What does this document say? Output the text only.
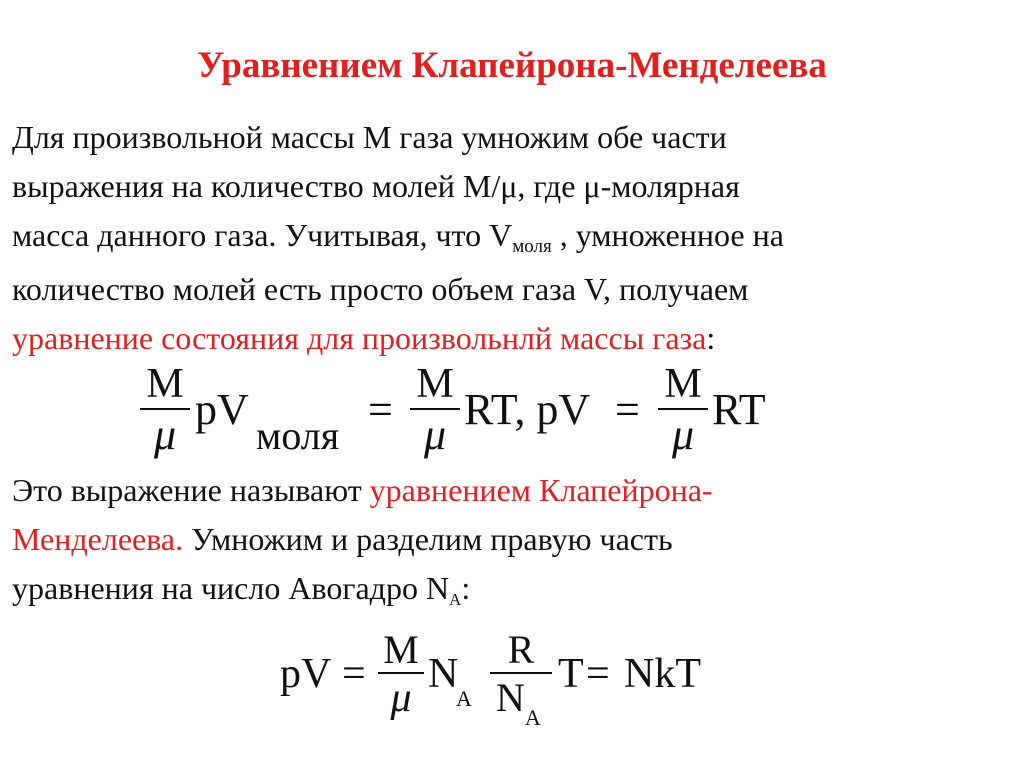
Уравнением Клапейрона-Менделеева
Для произвольной массы М газа умножим обе части
выражения на количество молей М/μ, где μ-молярная
масса данного газа. Учитывая, что Vмоля , умноженное на
количество молей есть просто объем газа V, получаем
уравнение состояния для произвольнлй массы газа:
M
μ
pV
моля
=
M
μ
RT, pV =
M
μ
RT
Это выражение называют уравнением Клапейрона-
Менделеева. Умножим и разделим правую часть
уравнения на число Авогадро NA:
pV =
M
μ
N
A
R
$N_A$
T = NkT
